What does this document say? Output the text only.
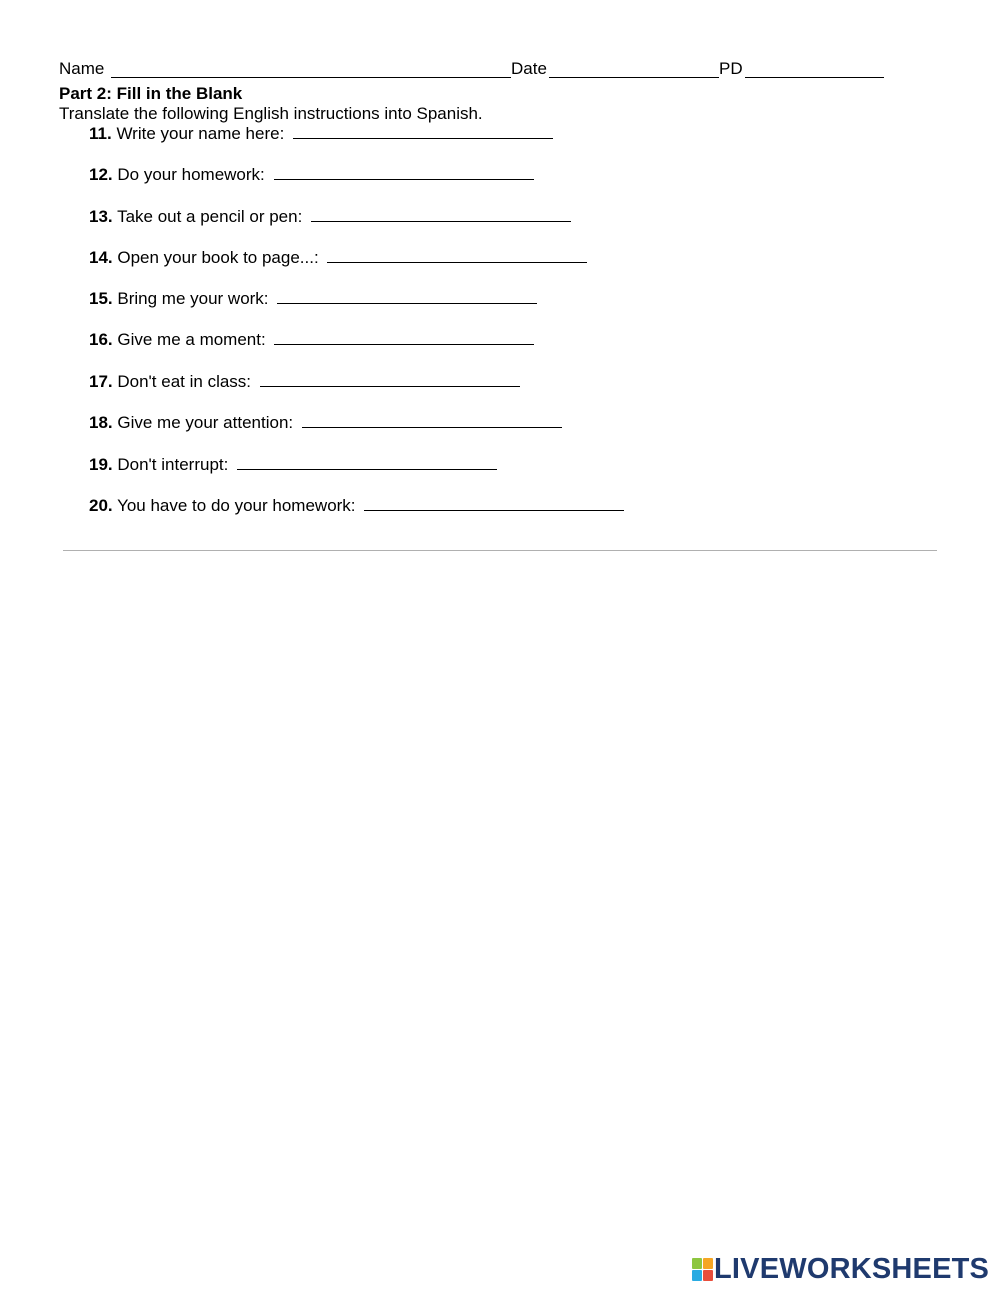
Name	Date	PD
Part 2: Fill in the Blank
Translate the following English instructions into Spanish.
11. Write your name here:
12. Do your homework:
13. Take out a pencil or pen:
14. Open your book to page...:
15. Bring me your work:
16. Give me a moment:
17. Don't eat in class:
18. Give me your attention:
19. Don't interrupt:
20. You have to do your homework:
LIVEWORKSHEETS
